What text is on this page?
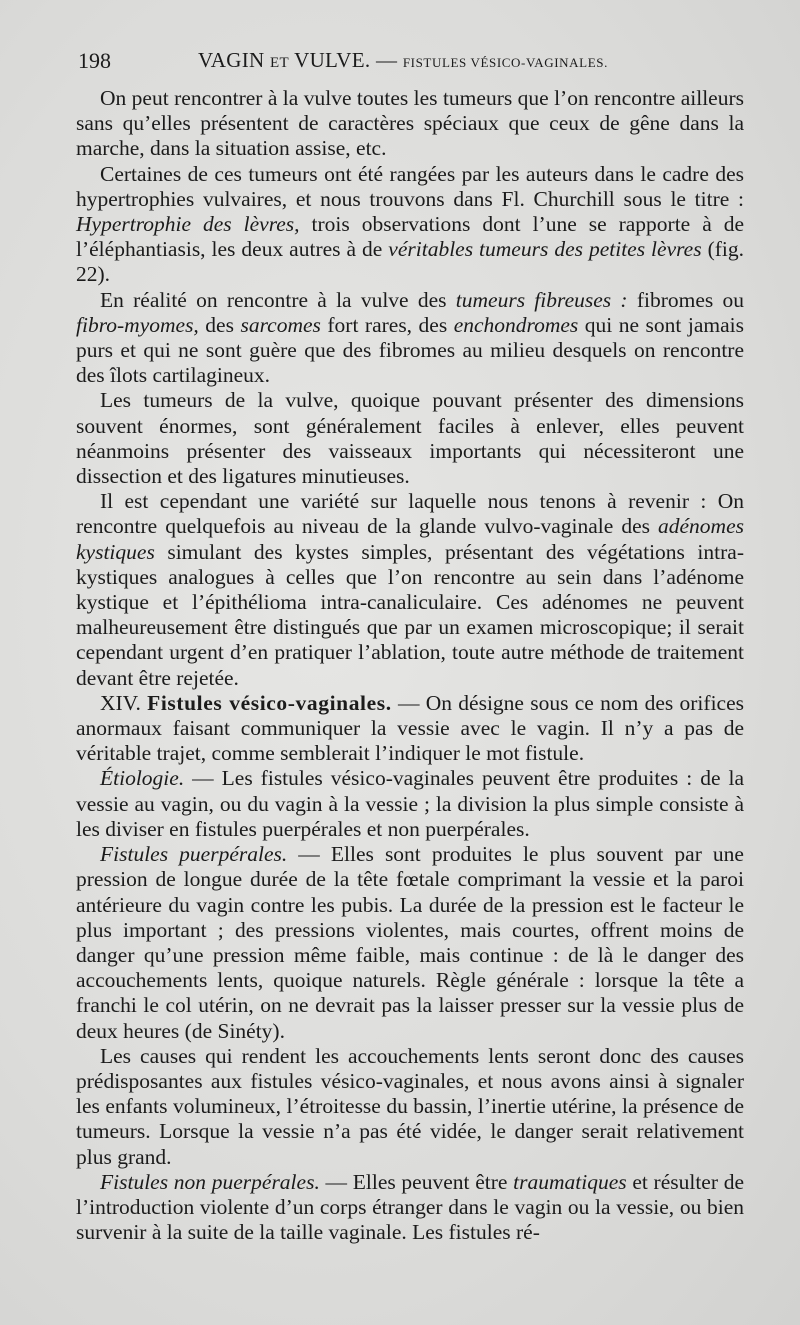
198	VAGIN ET VULVE. — FISTULES VÉSICO-VAGINALES.

On peut rencontrer à la vulve toutes les tumeurs que l’on rencontre ailleurs sans qu’elles présentent de caractères spéciaux que ceux de gêne dans la marche, dans la situation assise, etc.

Certaines de ces tumeurs ont été rangées par les auteurs dans le cadre des hypertrophies vulvaires, et nous trouvons dans Fl. Churchill sous le titre : Hypertrophie des lèvres, trois observations dont l’une se rapporte à de l’éléphantiasis, les deux autres à de véritables tumeurs des petites lèvres (fig. 22).

En réalité on rencontre à la vulve des tumeurs fibreuses : fibromes ou fibro-myomes, des sarcomes fort rares, des enchondromes qui ne sont jamais purs et qui ne sont guère que des fibromes au milieu desquels on rencontre des îlots cartilagineux.

Les tumeurs de la vulve, quoique pouvant présenter des dimensions souvent énormes, sont généralement faciles à enlever, elles peuvent néanmoins présenter des vaisseaux importants qui nécessiteront une dissection et des ligatures minutieuses.

Il est cependant une variété sur laquelle nous tenons à revenir : On rencontre quelquefois au niveau de la glande vulvo-vaginale des adénomes kystiques simulant des kystes simples, présentant des végétations intra-kystiques analogues à celles que l’on rencontre au sein dans l’adénome kystique et l’épithélioma intra-canaliculaire. Ces adénomes ne peuvent malheureusement être distingués que par un examen microscopique; il serait cependant urgent d’en pratiquer l’ablation, toute autre méthode de traitement devant être rejetée.

XIV. Fistules vésico-vaginales. — On désigne sous ce nom des orifices anormaux faisant communiquer la vessie avec le vagin. Il n’y a pas de véritable trajet, comme semblerait l’indiquer le mot fistule.

Étiologie. — Les fistules vésico-vaginales peuvent être produites : de la vessie au vagin, ou du vagin à la vessie ; la division la plus simple consiste à les diviser en fistules puerpérales et non puerpérales.

Fistules puerpérales. — Elles sont produites le plus souvent par une pression de longue durée de la tête fœtale comprimant la vessie et la paroi antérieure du vagin contre les pubis. La durée de la pression est le facteur le plus important ; des pressions violentes, mais courtes, offrent moins de danger qu’une pression même faible, mais continue : de là le danger des accouchements lents, quoique naturels. Règle générale : lorsque la tête a franchi le col utérin, on ne devrait pas la laisser presser sur la vessie plus de deux heures (de Sinéty).

Les causes qui rendent les accouchements lents seront donc des causes prédisposantes aux fistules vésico-vaginales, et nous avons ainsi à signaler les enfants volumineux, l’étroitesse du bassin, l’inertie utérine, la présence de tumeurs. Lorsque la vessie n’a pas été vidée, le danger serait relativement plus grand.

Fistules non puerpérales. — Elles peuvent être traumatiques et résulter de l’introduction violente d’un corps étranger dans le vagin ou la vessie, ou bien survenir à la suite de la taille vaginale. Les fistules ré-
